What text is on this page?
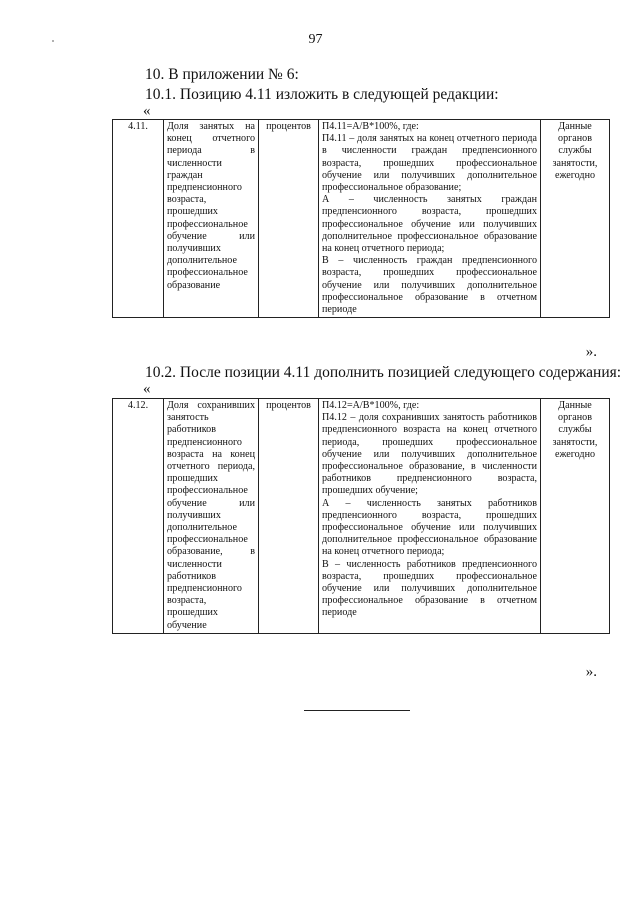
97
10. В приложении № 6:
10.1. Позицию 4.11 изложить в следующей редакции:
«
4.11.	Доля занятых на конец отчетного периода в численности граждан предпенсионного возраста, прошедших профессиональное обучение или получивших дополнительное профессиональное образование	процентов	П4.11=А/В*100%, где:
П4.11 – доля занятых на конец отчетного периода в численности граждан предпенсионного возраста, прошедших профессиональное обучение или получивших дополнительное профессиональное образование;
А – численность занятых граждан предпенсионного возраста, прошедших профессиональное обучение или получивших дополнительное профессиональное образование на конец отчетного периода;
В – численность граждан предпенсионного возраста, прошедших профессиональное обучение или получивших дополнительное профессиональное образование в отчетном периоде
	Данные органов службы занятости, ежегодно
».
10.2. После позиции 4.11 дополнить позицией следующего содержания:
«
4.12.	Доля сохранивших занятость работников предпенсионного возраста на конец отчетного периода, прошедших профессиональное обучение или получивших дополнительное профессиональное образование, в численности работников предпенсионного возраста, прошедших обучение	процентов	П4.12=А/В*100%, где:
П4.12 – доля сохранивших занятость работников предпенсионного возраста на конец отчетного периода, прошедших профессиональное обучение или получивших дополнительное профессиональное образование, в численности работников предпенсионного возраста, прошедших обучение;
А – численность занятых работников предпенсионного возраста, прошедших профессиональное обучение или получивших дополнительное профессиональное образование на конец отчетного периода;
В – численность работников предпенсионного возраста, прошедших профессиональное обучение или получивших дополнительное профессиональное образование в отчетном периоде
	Данные органов службы занятости, ежегодно
».
